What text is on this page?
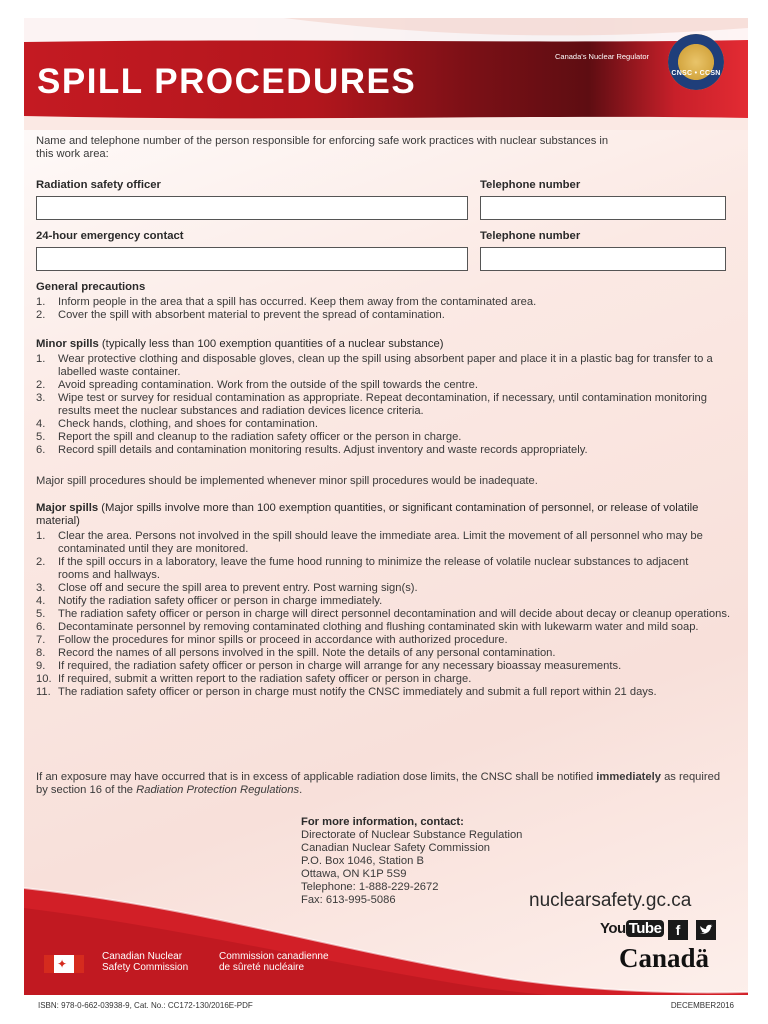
SPILL PROCEDURES
Canada's Nuclear Regulator
CNSC • CCSN

Name and telephone number of the person responsible for enforcing safe work practices with nuclear substances in this work area:

Radiation safety officer	Telephone number
24-hour emergency contact	Telephone number
General precautions
1. Inform people in the area that a spill has occurred. Keep them away from the contaminated area.
2. Cover the spill with absorbent material to prevent the spread of contamination.
Minor spills (typically less than 100 exemption quantities of a nuclear substance)
1. Wear protective clothing and disposable gloves, clean up the spill using absorbent paper and place it in a plastic bag for transfer to a labelled waste container.
2. Avoid spreading contamination. Work from the outside of the spill towards the centre.
3. Wipe test or survey for residual contamination as appropriate. Repeat decontamination, if necessary, until contamination monitoring results meet the nuclear substances and radiation devices licence criteria.
4. Check hands, clothing, and shoes for contamination.
5. Report the spill and cleanup to the radiation safety officer or the person in charge.
6. Record spill details and contamination monitoring results. Adjust inventory and waste records appropriately.
Major spill procedures should be implemented whenever minor spill procedures would be inadequate.
Major spills (Major spills involve more than 100 exemption quantities, or significant contamination of personnel, or release of volatile material)
1. Clear the area. Persons not involved in the spill should leave the immediate area. Limit the movement of all personnel who may be contaminated until they are monitored.
2. If the spill occurs in a laboratory, leave the fume hood running to minimize the release of volatile nuclear substances to adjacent rooms and hallways.
3. Close off and secure the spill area to prevent entry. Post warning sign(s).
4. Notify the radiation safety officer or person in charge immediately.
5. The radiation safety officer or person in charge will direct personnel decontamination and will decide about decay or cleanup operations.
6. Decontaminate personnel by removing contaminated clothing and flushing contaminated skin with lukewarm water and mild soap.
7. Follow the procedures for minor spills or proceed in accordance with authorized procedure.
8. Record the names of all persons involved in the spill. Note the details of any personal contamination.
9. If required, the radiation safety officer or person in charge will arrange for any necessary bioassay measurements.
10. If required, submit a written report to the radiation safety officer or person in charge.
11. The radiation safety officer or person in charge must notify the CNSC immediately and submit a full report within 21 days.
If an exposure may have occurred that is in excess of applicable radiation dose limits, the CNSC shall be notified immediately as required by section 16 of the Radiation Protection Regulations.
For more information, contact:
Directorate of Nuclear Substance Regulation
Canadian Nuclear Safety Commission
P.O. Box 1046, Station B
Ottawa, ON K1P 5S9
Telephone: 1-888-229-2672
Fax: 613-995-5086	nuclearsafety.gc.ca
You Tube	f
✦
Canadian Nuclear
Safety Commission
Commission canadienne
de sûreté nucléaire	Canadä
ISBN: 978-0-662-03938-9, Cat. No.: CC172-130/2016E-PDF	DECEMBER2016
